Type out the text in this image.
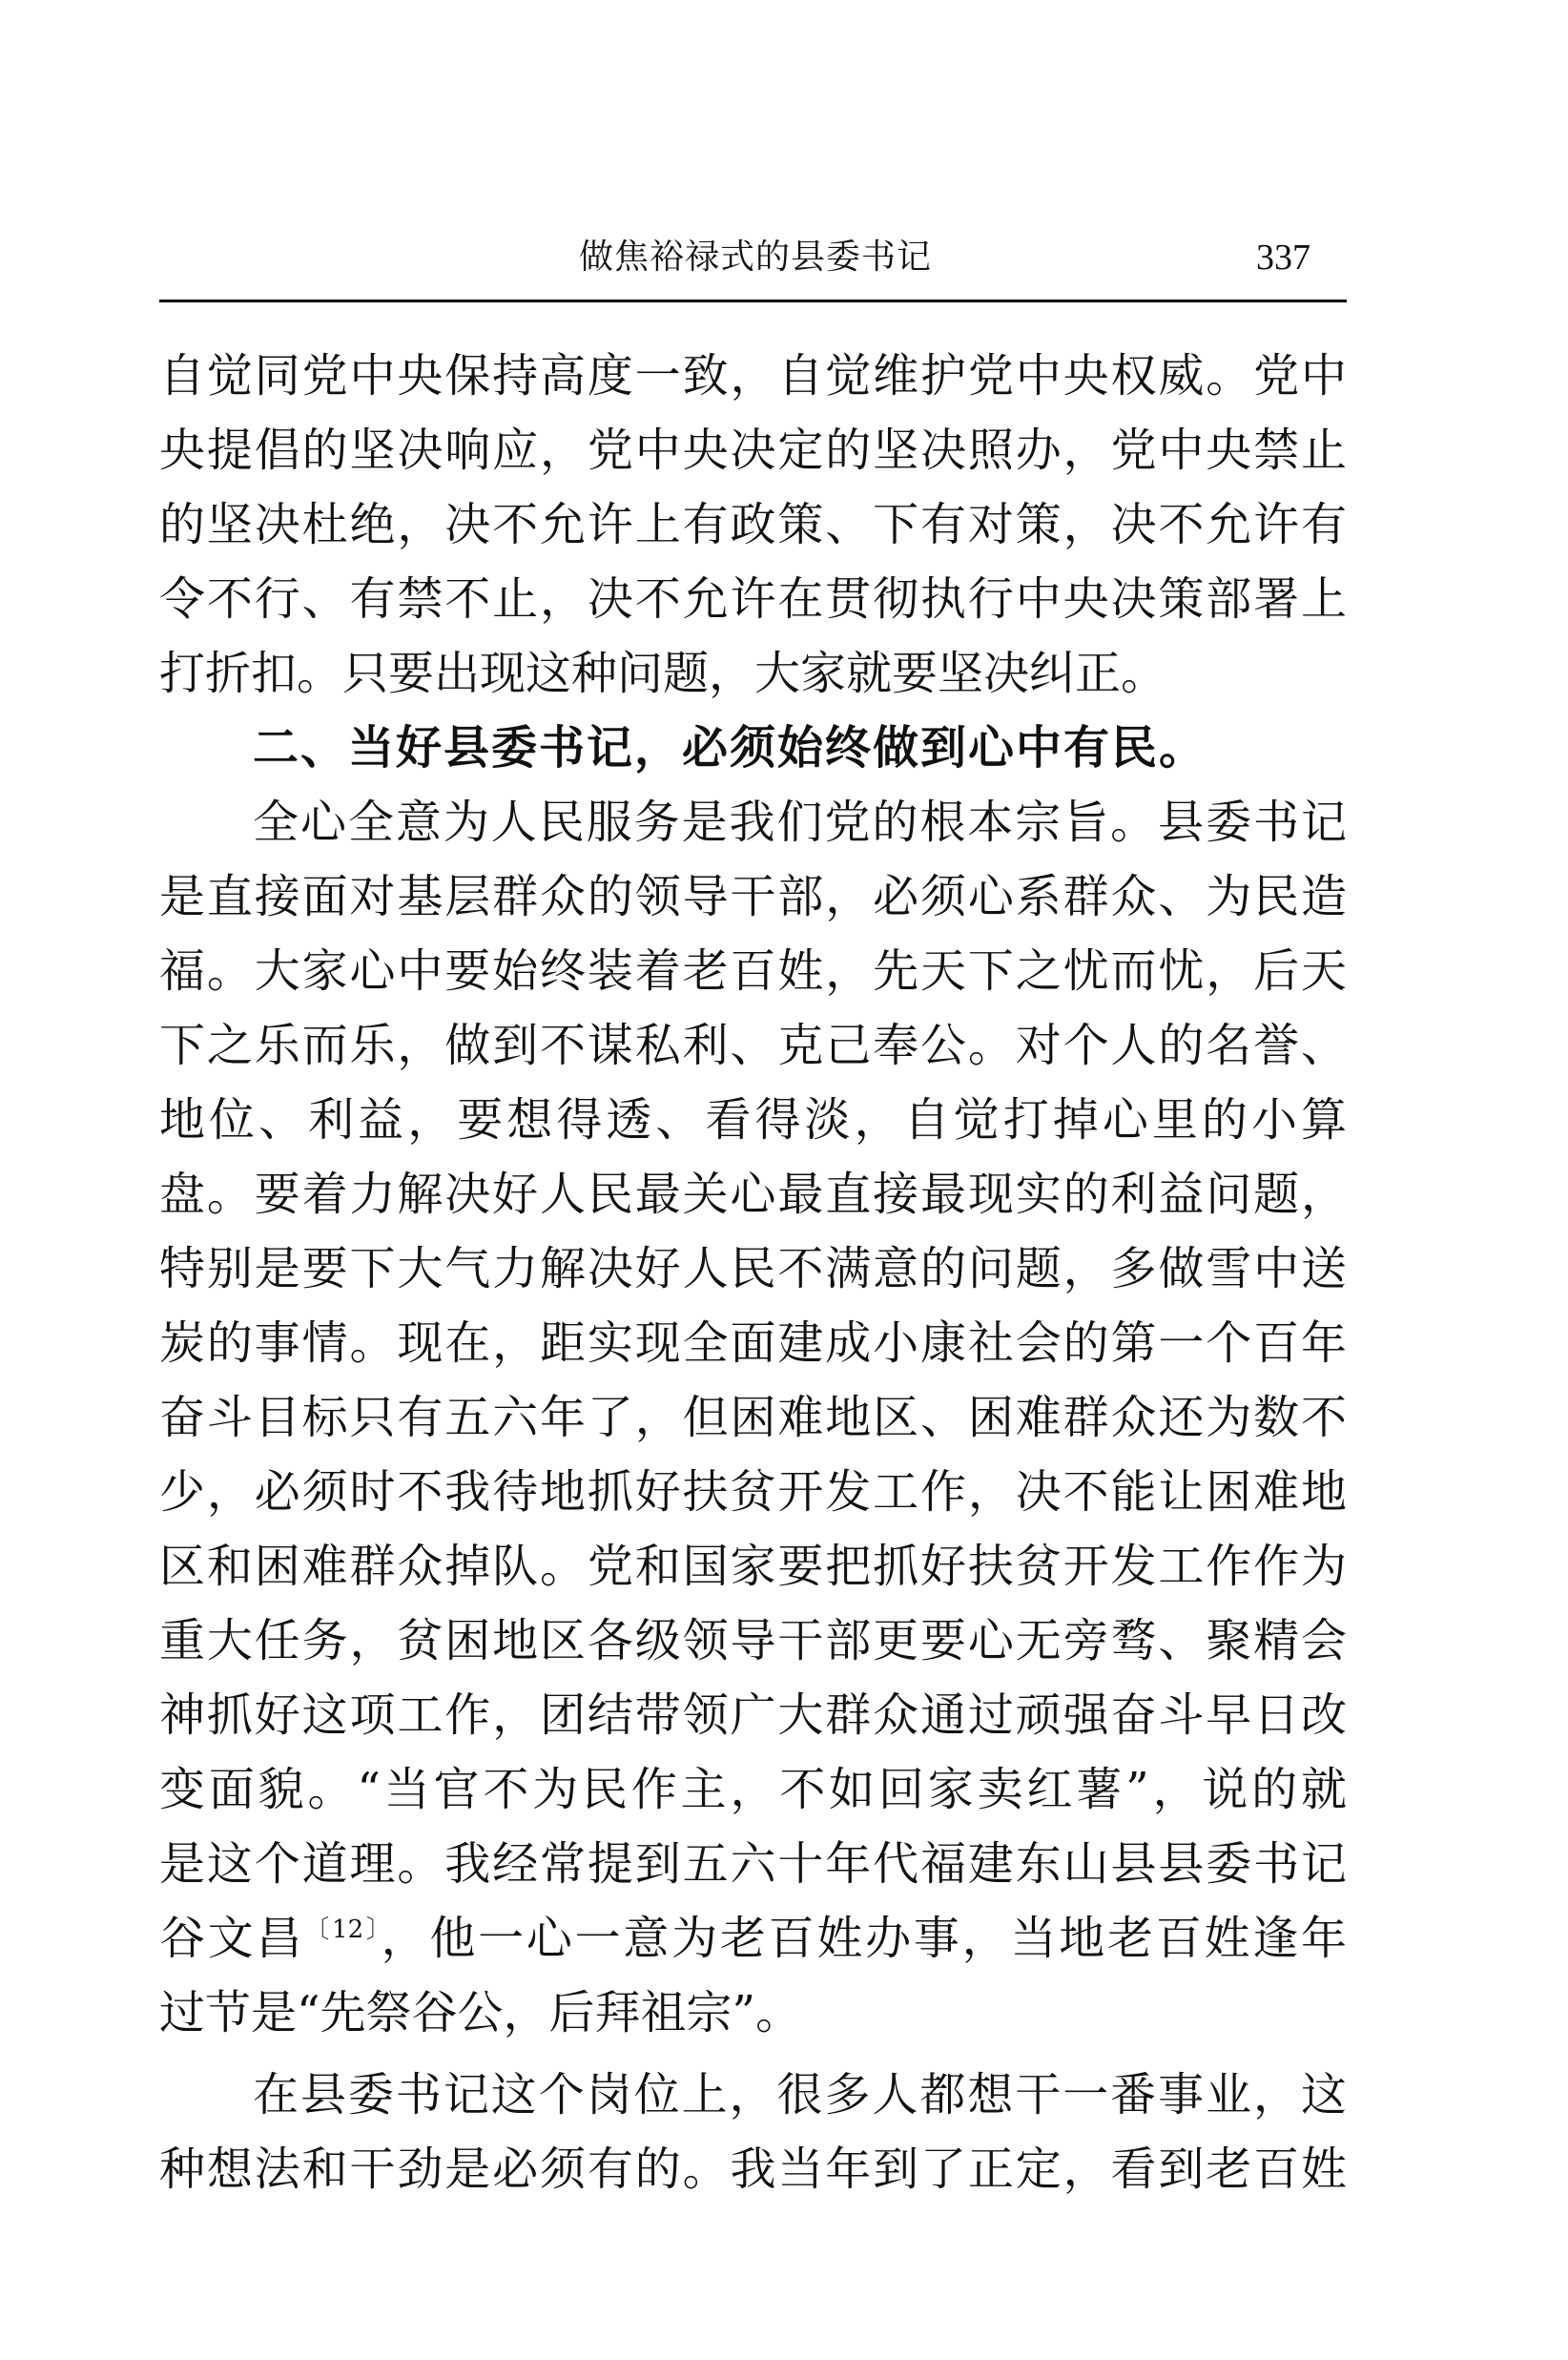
做焦裕禄式的县委书记	337
自觉同党中央保持高度一致，自觉维护党中央权威。党中
央提倡的坚决响应，党中央决定的坚决照办，党中央禁止
的坚决杜绝，决不允许上有政策、下有对策，决不允许有
令不行、有禁不止，决不允许在贯彻执行中央决策部署上
打折扣。只要出现这种问题，大家就要坚决纠正。
二、当好县委书记，必须始终做到心中有民。
全心全意为人民服务是我们党的根本宗旨。县委书记
是直接面对基层群众的领导干部，必须心系群众、为民造
福。大家心中要始终装着老百姓，先天下之忧而忧，后天
下之乐而乐，做到不谋私利、克己奉公。对个人的名誉、
地位、利益，要想得透、看得淡，自觉打掉心里的小算
盘。要着力解决好人民最关心最直接最现实的利益问题，
特别是要下大气力解决好人民不满意的问题，多做雪中送
炭的事情。现在，距实现全面建成小康社会的第一个百年
奋斗目标只有五六年了，但困难地区、困难群众还为数不
少，必须时不我待地抓好扶贫开发工作，决不能让困难地
区和困难群众掉队。党和国家要把抓好扶贫开发工作作为
重大任务，贫困地区各级领导干部更要心无旁骛、聚精会
神抓好这项工作，团结带领广大群众通过顽强奋斗早日改
变面貌。“当官不为民作主，不如回家卖红薯”，说的就
是这个道理。我经常提到五六十年代福建东山县县委书记
谷文昌$^{〔12〕}$，他一心一意为老百姓办事，当地老百姓逢年
过节是“先祭谷公，后拜祖宗”。
在县委书记这个岗位上，很多人都想干一番事业，这
种想法和干劲是必须有的。我当年到了正定，看到老百姓
